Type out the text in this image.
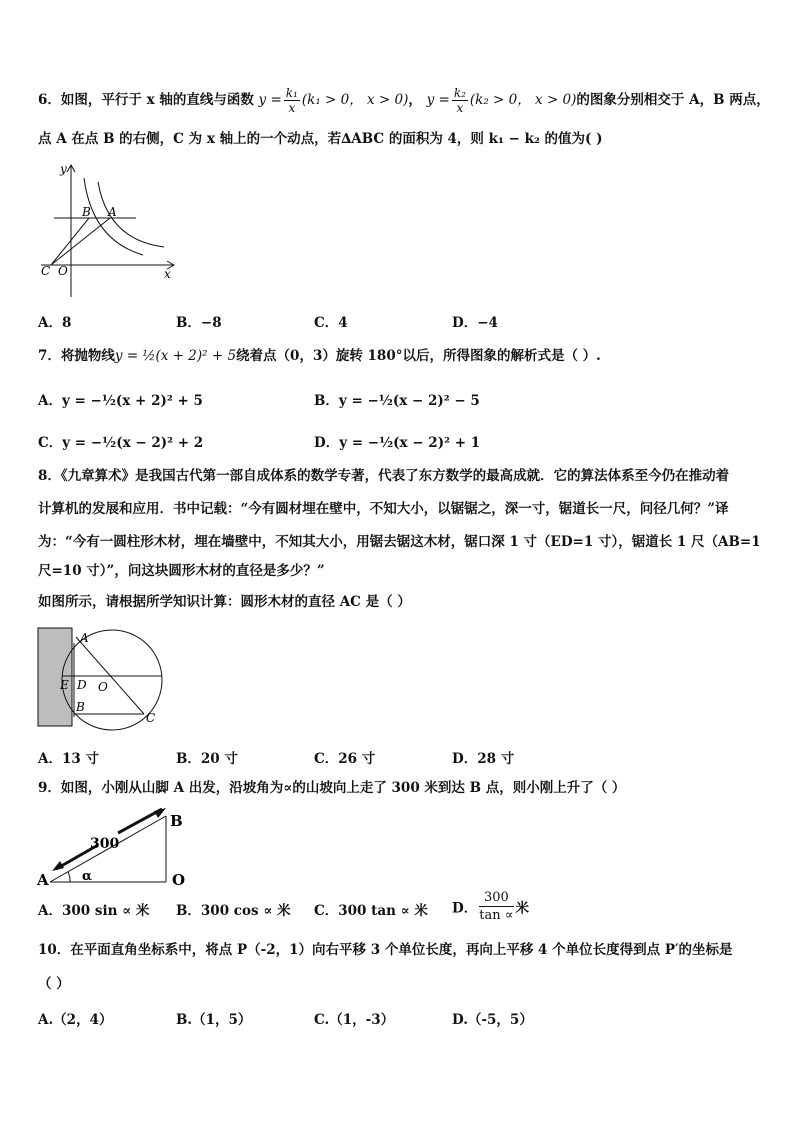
6．如图，平行于 x 轴的直线与函数 $y = \frac{\text{k₁}}{x} (k_1 > 0$， x > 0)， $y = \frac{\text{k₂}}{x} (k_2 > 0$， x > 0)的图象分别相交于 A，B 两点，
点 A 在点 B 的右侧，C 为 x 轴上的一个动点，若∆ABC 的面积为 4，则 k₁ − k₂ 的值为( )
y
x
O
C
B A
A．8	B．−8	C．4	D．−4
7．将抛物线y = ½(x + 2)² + 5绕着点（0，3）旋转 180°以后，所得图象的解析式是（ ）.
A．y = −½(x + 2)² + 5	B．y = −½(x − 2)² − 5
C．y = −½(x − 2)² + 2	D．y = −½(x − 2)² + 1
8．《九章算术》是我国古代第一部自成体系的数学专著，代表了东方数学的最高成就．它的算法体系至今仍在推动着
计算机的发展和应用．书中记载：“今有圆材埋在壁中，不知大小，以锯锯之，深一寸，锯道长一尺，问径几何？”译
为：“今有一圆柱形木材，埋在墙壁中，不知其大小，用锯去锯这木材，锯口深 1 寸（ED=1 寸），锯道长 1 尺（AB=1
尺=10 寸）”，问这块圆形木材的直径是多少？”
如图所示，请根据所学知识计算：圆形木材的直径 AC 是（ ）
A
E D O
B
C
A．13 寸	B．20 寸	C．26 寸	D．28 寸
9．如图，小刚从山脚 A 出发，沿坡角为∝的山坡向上走了 300 米到达 B 点，则小刚上升了（ ）
300
α
A
B
O
A．300 sin ∝ 米 B．300 cos ∝ 米 C．300 tan ∝ 米 D． $\frac{300}{\tan \propto}$ 米
10．在平面直角坐标系中，将点 P（-2，1）向右平移 3 个单位长度，再向上平移 4 个单位长度得到点 P′的坐标是
（ ）
A.（2，4）	B.（1，5）	C.（1，-3）	D.（-5，5）
